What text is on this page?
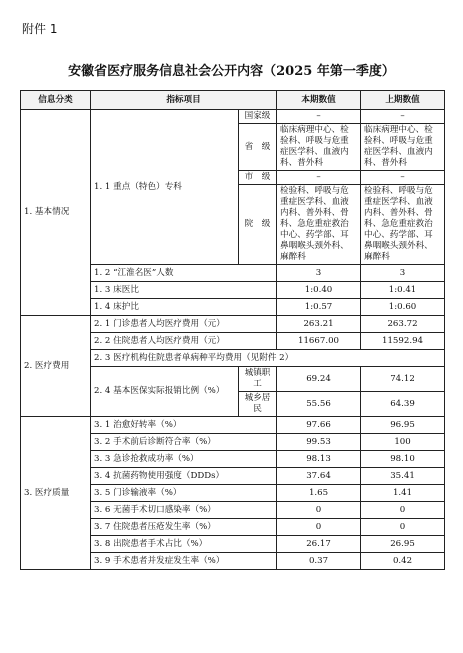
附件 1
安徽省医疗服务信息社会公开内容（2025 年第一季度）
信息分类	指标项目		本期数值	上期数值
1. 基本情况	1. 1 重点（特色）专科	国家级	–	–
		省　级	临床病理中心、检验科、呼吸与危重症医学科、血液内科、普外科	临床病理中心、检验科、呼吸与危重症医学科、血液内科、普外科
		市　级	–	–
		院　级	检验科、呼吸与危重症医学科、血液内科、普外科、骨科、急危重症救治中心、药学部、耳鼻咽喉头颈外科、麻醉科	检验科、呼吸与危重症医学科、血液内科、普外科、骨科、急危重症救治中心、药学部、耳鼻咽喉头颈外科、麻醉科
	1. 2 “江淮名医”人数		3	3
	1. 3 床医比		1:0.40	1:0.41
	1. 4 床护比		1:0.57	1:0.60
2. 医疗费用	2. 1 门诊患者人均医疗费用（元）		263.21	263.72
	2. 2 住院患者人均医疗费用（元）		11667.00	11592.94
	2. 3 医疗机构住院患者单病种平均费用（见附件 2）			
	2. 4 基本医保实际报销比例（%）	城镇职工	69.24	74.12
		城乡居民	55.56	64.39
3. 医疗质量	3. 1 治愈好转率（%）		97.66	96.95
	3. 2 手术前后诊断符合率（%）		99.53	100
	3. 3 急诊抢救成功率（%）		98.13	98.10
	3. 4 抗菌药物使用强度（DDDs）		37.64	35.41
	3. 5 门诊输液率（%）		1.65	1.41
	3. 6 无菌手术切口感染率（%）		0	0
	3. 7 住院患者压疮发生率（%）		0	0
	3. 8 出院患者手术占比（%）		26.17	26.95
	3. 9 手术患者并发症发生率（%）		0.37	0.42
